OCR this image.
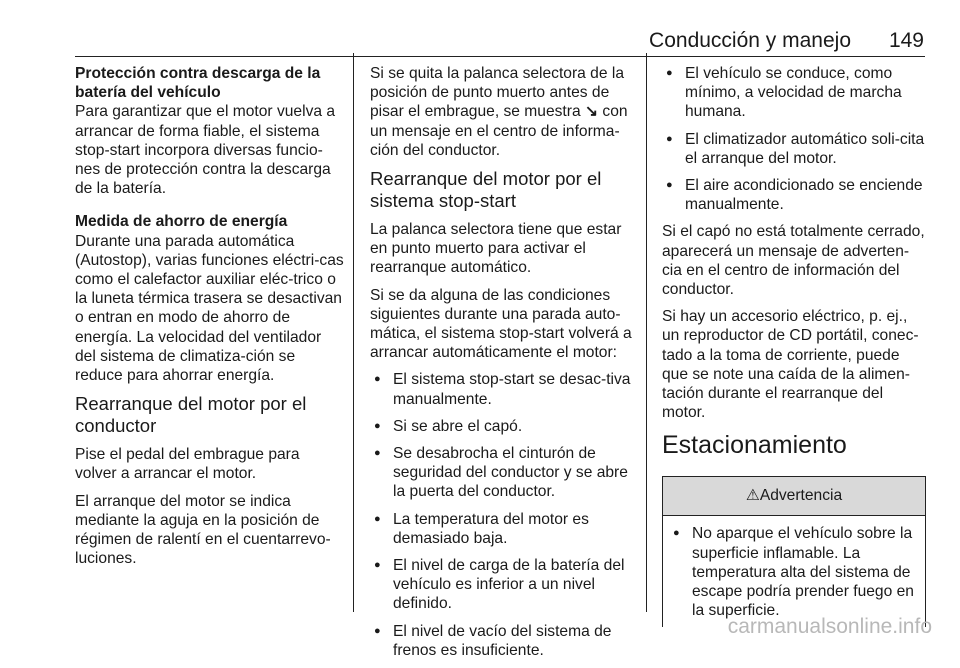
Conducción y manejo 149
Protección contra descarga de la batería del vehículo

Para garantizar que el motor vuelva a arrancar de forma fiable, el sistema stop-start incorpora diversas funcio-nes de protección contra la descarga de la batería.

Medida de ahorro de energía

Durante una parada automática (Autostop), varias funciones eléctri-cas como el calefactor auxiliar eléc-trico o la luneta térmica trasera se desactivan o entran en modo de ahorro de energía. La velocidad del ventilador del sistema de climatiza-ción se reduce para ahorrar energía.

Rearranque del motor por el conductor

Pise el pedal del embrague para volver a arrancar el motor.

El arranque del motor se indica mediante la aguja en la posición de régimen de ralentí en el cuentarrevo-luciones.

Si se quita la palanca selectora de la posición de punto muerto antes de pisar el embrague, se muestra ↘ con un mensaje en el centro de informa-ción del conductor.

Rearranque del motor por el sistema stop-start

La palanca selectora tiene que estar en punto muerto para activar el rearranque automático.

Si se da alguna de las condiciones siguientes durante una parada auto-mática, el sistema stop-start volverá a arrancar automáticamente el motor:

● El sistema stop-start se desac-tiva manualmente.
● Si se abre el capó.
● Se desabrocha el cinturón de seguridad del conductor y se abre la puerta del conductor.
● La temperatura del motor es demasiado baja.
● El nivel de carga de la batería del vehículo es inferior a un nivel definido.
● El nivel de vacío del sistema de frenos es insuficiente.
● El vehículo se conduce, como mínimo, a velocidad de marcha humana.
● El climatizador automático soli-cita el arranque del motor.
● El aire acondicionado se enciende manualmente.

Si el capó no está totalmente cerrado, aparecerá un mensaje de adverten-cia en el centro de información del conductor.

Si hay un accesorio eléctrico, p. ej., un reproductor de CD portátil, conec-tado a la toma de corriente, puede que se note una caída de la alimen-tación durante el rearranque del motor.

Estacionamiento
⚠Advertencia
● No aparque el vehículo sobre la superficie inflamable. La temperatura alta del sistema de escape podría prender fuego en la superficie.
carmanualsonline.info
